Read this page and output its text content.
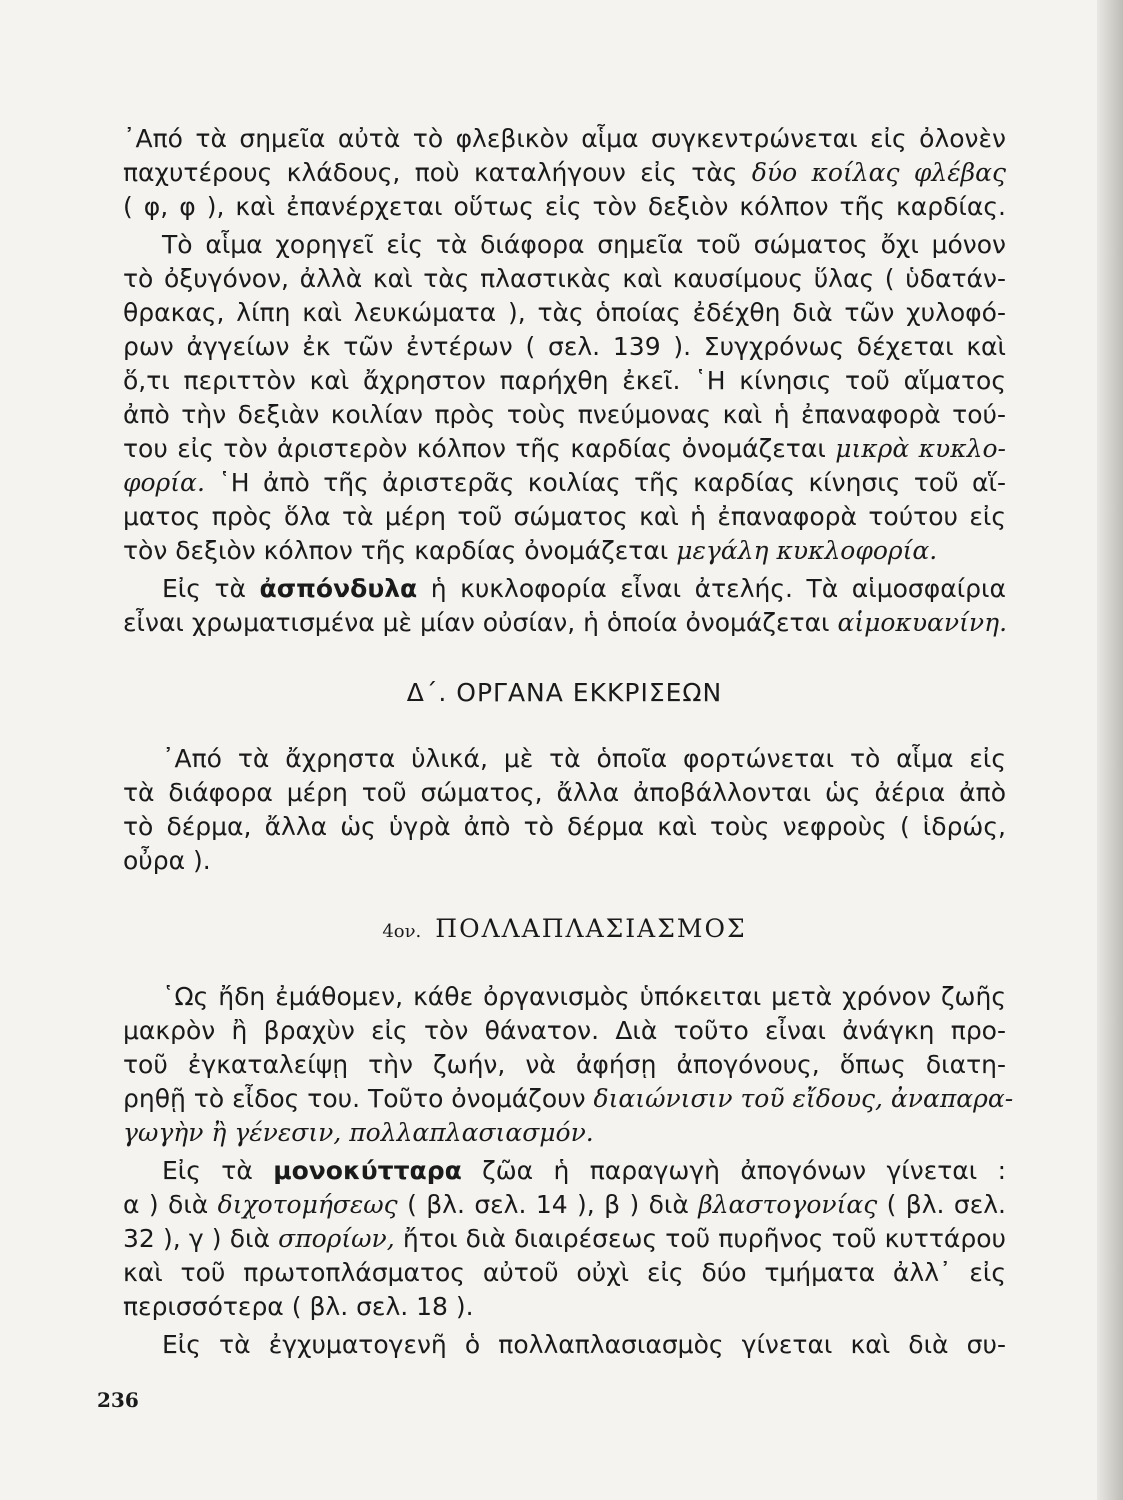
᾿Από τὰ σημεῖα αὐτὰ τὸ φλεβικὸν αἷμα συγκεντρώνεται εἰς ὀλονὲν
παχυτέρους κλάδους, ποὺ καταλήγουν εἰς τὰς δύο κοίλας φλέβας
( φ, φ ), καὶ ἐπανέρχεται οὕτως εἰς τὸν δεξιὸν κόλπον τῆς καρδίας.
Τὸ αἷμα χορηγεῖ εἰς τὰ διάφορα σημεῖα τοῦ σώματος ὄχι μόνον
τὸ ὀξυγόνον, ἀλλὰ καὶ τὰς πλαστικὰς καὶ καυσίμους ὕλας ( ὑδατάν-
θρακας, λίπη καὶ λευκώματα ), τὰς ὁποίας ἐδέχθη διὰ τῶν χυλοφό-
ρων ἀγγείων ἐκ τῶν ἐντέρων ( σελ. 139 ). Συγχρόνως δέχεται καὶ
ὅ,τι περιττὸν καὶ ἄχρηστον παρήχθη ἐκεῖ. ῾Η κίνησις τοῦ αἵματος
ἀπὸ τὴν δεξιὰν κοιλίαν πρὸς τοὺς πνεύμονας καὶ ἡ ἐπαναφορὰ τού-
του εἰς τὸν ἀριστερὸν κόλπον τῆς καρδίας ὀνομάζεται μικρὰ κυκλο-
φορία. ῾Η ἀπὸ τῆς ἀριστερᾶς κοιλίας τῆς καρδίας κίνησις τοῦ αἵ-
ματος πρὸς ὅλα τὰ μέρη τοῦ σώματος καὶ ἡ ἐπαναφορὰ τούτου εἰς
τὸν δεξιὸν κόλπον τῆς καρδίας ὀνομάζεται μεγάλη κυκλοφορία.
Εἰς τὰ ἀσπόνδυλα ἡ κυκλοφορία εἶναι ἀτελής. Τὰ αἱμοσφαίρια
εἶναι χρωματισμένα μὲ μίαν οὐσίαν, ἡ ὁποία ὀνομάζεται αἱμοκυανίνη.
Δ΄. ΟΡΓΑΝΑ ΕΚΚΡΙΣΕΩΝ
᾿Από τὰ ἄχρηστα ὑλικά, μὲ τὰ ὁποῖα φορτώνεται τὸ αἷμα εἰς
τὰ διάφορα μέρη τοῦ σώματος, ἄλλα ἀποβάλλονται ὡς ἀέρια ἀπὸ
τὸ δέρμα, ἄλλα ὡς ὑγρὰ ἀπὸ τὸ δέρμα καὶ τοὺς νεφροὺς ( ἱδρώς,
οὖρα ).
4ον. ΠΟΛΛΑΠΛΑΣΙΑΣΜΟΣ
῾Ως ἤδη ἐμάθομεν, κάθε ὀργανισμὸς ὑπόκειται μετὰ χρόνον ζωῆς
μακρὸν ἢ βραχὺν εἰς τὸν θάνατον. Διὰ τοῦτο εἶναι ἀνάγκη προ-
τοῦ ἐγκαταλείψῃ τὴν ζωήν, νὰ ἀφήσῃ ἀπογόνους, ὅπως διατη-
ρηθῇ τὸ εἶδος του. Τοῦτο ὀνομάζουν διαιώνισιν τοῦ εἴδους, ἀναπαρα-
γωγὴν ἢ γένεσιν, πολλαπλασιασμόν.
Εἰς τὰ μονοκύτταρα ζῶα ἡ παραγωγὴ ἀπογόνων γίνεται :
α ) διὰ διχοτομήσεως ( βλ. σελ. 14 ), β ) διὰ βλαστογονίας ( βλ. σελ.
32 ), γ ) διὰ σπορίων, ἤτοι διὰ διαιρέσεως τοῦ πυρῆνος τοῦ κυττάρου
καὶ τοῦ πρωτοπλάσματος αὐτοῦ οὐχὶ εἰς δύο τμήματα ἀλλ᾿ εἰς
περισσότερα ( βλ. σελ. 18 ).
Εἰς τὰ ἐγχυματογενῆ ὁ πολλαπλασιασμὸς γίνεται καὶ διὰ συ-
236
